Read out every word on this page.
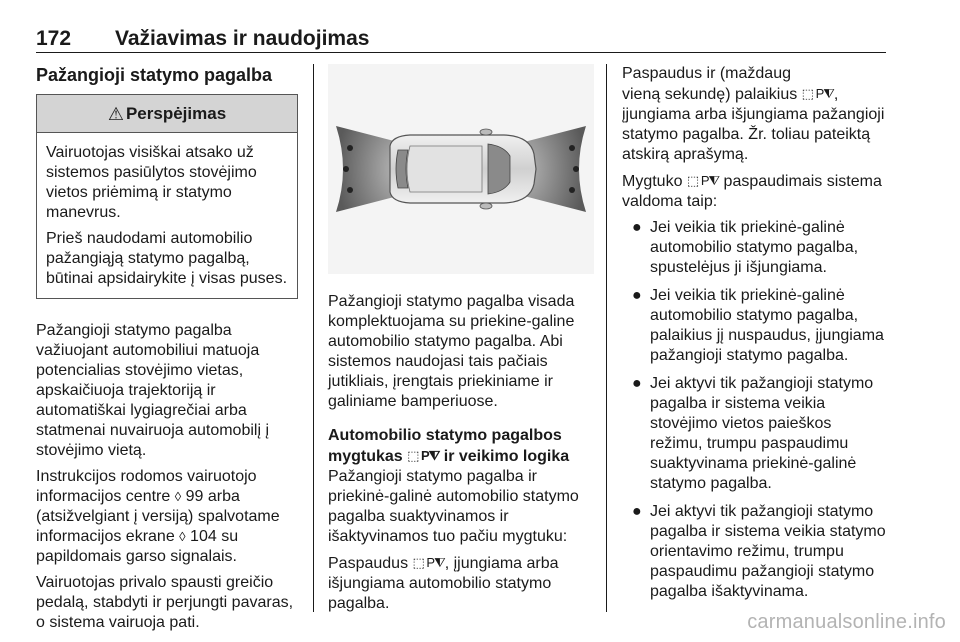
172 Važiavimas ir naudojimas
Pažangioji statymo pagalba
⚠ Perspėjimas

Vairuotojas visiškai atsako už sistemos pasiūlytos stovėjimo vietos priėmimą ir statymo manevrus.

Prieš naudodami automobilio pažangiąją statymo pagalbą, būtinai apsidairykite į visas puses.

Pažangioji statymo pagalba
važiuojant automobiliui matuoja
potencialias stovėjimo vietas,
apskaičiuoja trajektoriją ir
automatiškai lygiagrečiai arba
statmenai nuvairuoja automobilį į
stovėjimo vietą.
Instrukcijos rodomos vairuotojo
informacijos centre ◊ 99 arba
(atsižvelgiant į versiją) spalvotame
informacijos ekrane ◊ 104 su
papildomais garso signalais.
Vairuotojas privalo spausti greičio
pedalą, stabdyti ir perjungti pavaras,
o sistema vairuoja pati.
Pažangioji statymo pagalba visada
komplektuojama su priekine-galine
automobilio statymo pagalba. Abi
sistemos naudojasi tais pačiais
jutikliais, įrengtais priekiniame ir
galiniame bamperiuose.
Automobilio statymo pagalbos
mygtukas ⬚ P⧨ ir veikimo logika
Pažangioji statymo pagalba ir
priekinė-galinė automobilio statymo
pagalba suaktyvinamos ir
išaktyvinamos tuo pačiu mygtuku:
Paspaudus ⬚ P⧨, įjungiama arba
išjungiama automobilio statymo
pagalba.
Paspaudus ir (maždaug
vieną sekundę) palaikius ⬚ P⧨,
įjungiama arba išjungiama pažangioji
statymo pagalba. Žr. toliau pateiktą
atskirą aprašymą.
Mygtuko ⬚ P⧨ paspaudimais sistema
valdoma taip:
● Jei veikia tik priekinė-galinė
automobilio statymo pagalba,
spustelėjus ji išjungiama.
● Jei veikia tik priekinė-galinė
automobilio statymo pagalba,
palaikius jį nuspaudus, įjungiama
pažangioji statymo pagalba.
● Jei aktyvi tik pažangioji statymo
pagalba ir sistema veikia
stovėjimo vietos paieškos
režimu, trumpu paspaudimu
suaktyvinama priekinė-galinė
statymo pagalba.
● Jei aktyvi tik pažangioji statymo
pagalba ir sistema veikia statymo
orientavimo režimu, trumpu
paspaudimu pažangioji statymo
pagalba išaktyvinama.
carmanualsonline.info
